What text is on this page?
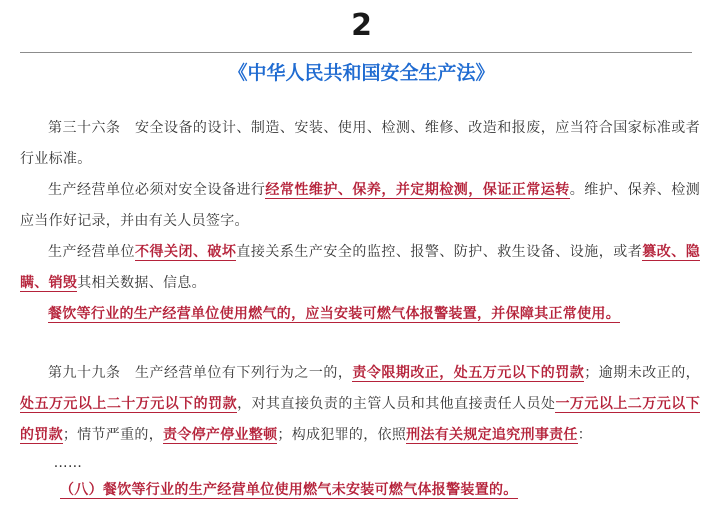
2
《中华人民共和国安全生产法》

第三十六条　安全设备的设计、制造、安装、使用、检测、维修、改造和报废，应当符合国家标准或者行业标准。

生产经营单位必须对安全设备进行经常性维护、保养，并定期检测，保证正常运转。维护、保养、检测应当作好记录，并由有关人员签字。

生产经营单位不得关闭、破坏直接关系生产安全的监控、报警、防护、救生设备、设施，或者篡改、隐瞒、销毁其相关数据、信息。

餐饮等行业的生产经营单位使用燃气的，应当安装可燃气体报警装置，并保障其正常使用。

第九十九条　生产经营单位有下列行为之一的，责令限期改正，处五万元以下的罚款；逾期未改正的，处五万元以上二十万元以下的罚款，对其直接负责的主管人员和其他直接责任人员处一万元以上二万元以下的罚款；情节严重的，责令停产停业整顿；构成犯罪的，依照刑法有关规定追究刑事责任：

……

（八）餐饮等行业的生产经营单位使用燃气未安装可燃气体报警装置的。
